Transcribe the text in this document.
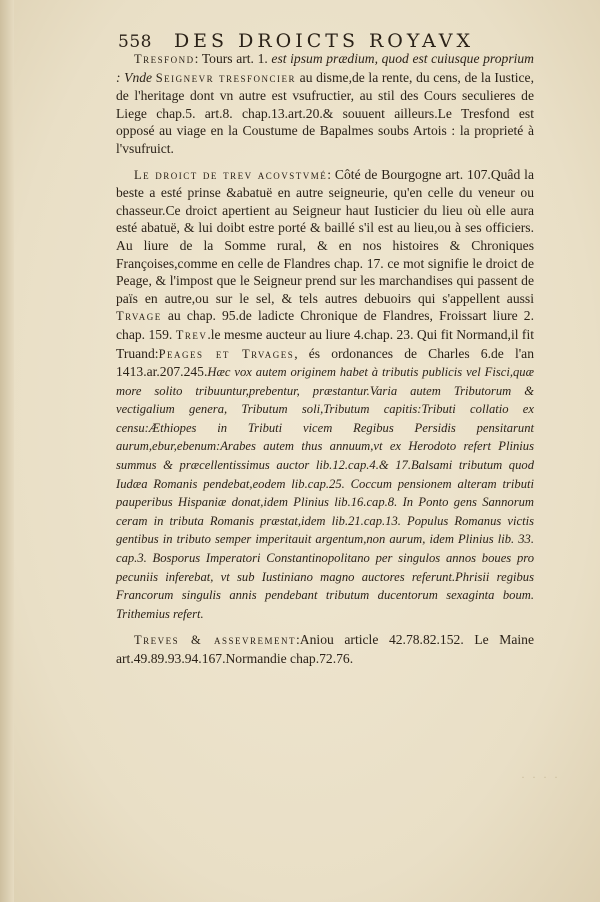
558 DES DROICTS ROYAVX

Tresfond: Tours art. 1. est ipsum prædium, quod est cuiusque proprium : Vnde Seignevr tresfoncier au disme,de la rente, du cens, de la Iustice, de l'heritage dont vn autre est vsufructier, au stil des Cours seculieres de Liege chap.5. art.8. chap.13.art.20.& souuent ailleurs.Le Tresfond est opposé au viage en la Coustume de Bapalmes soubs Artois : la proprieté à l'vsufruict.

Le droict de trev acovstvmé: Côté de Bourgogne art. 107.Quâd la beste a esté prinse &abatuë en autre seigneurie, qu'en celle du veneur ou chasseur.Ce droict apertient au Seigneur haut Iusticier du lieu où elle aura esté abatuë, & lui doibt estre porté & baillé s'il est au lieu,ou à ses officiers. Au liure de la Somme rural, & en nos histoires & Chroniques Françoises,comme en celle de Flandres chap. 17. ce mot signifie le droict de Peage, & l'impost que le Seigneur prend sur les marchandises qui passent de païs en autre,ou sur le sel, & tels autres debuoirs qui s'appellent aussi Trvage au chap. 95.de ladicte Chronique de Flandres, Froissart liure 2. chap. 159. Trev.le mesme aucteur au liure 4.chap. 23. Qui fit Normand,il fit Truand:Peages et Trvages, és ordonances de Charles 6.de l'an 1413.ar.207.245.Hæc vox autem originem habet à tributis publicis vel Fisci,quæ more solito tribuuntur,prebentur, præstantur.Varia autem Tributorum & vectigalium genera, Tributum soli,Tributum capitis:Tributi collatio ex censu:Æthiopes in Tributi vicem Regibus Persidis pensitarunt aurum,ebur,ebenum:Arabes autem thus annuum,vt ex Herodoto refert Plinius summus & præcellentissimus auctor lib.12.cap.4.& 17.Balsami tributum quod Iudæa Romanis pendebat,eodem lib.cap.25. Coccum pensionem alteram tributi pauperibus Hispaniæ donat,idem Plinius lib.16.cap.8. In Ponto gens Sannorum ceram in tributa Romanis præstat,idem lib.21.cap.13. Populus Romanus victis gentibus in tributo semper imperitauit argentum,non aurum, idem Plinius lib. 33. cap.3. Bosporus Imperatori Constantinopolitano per singulos annos boues pro pecuniis inferebat, vt sub Iustiniano magno auctores referunt.Phrisii regibus Francorum singulis annis pendebant tributum ducentorum sexaginta boum. Trithemius refert.

Treves & assevrement:Aniou article 42.78.82.152. Le Maine art.49.89.93.94.167.Normandie chap.72.76.

· · · ·
